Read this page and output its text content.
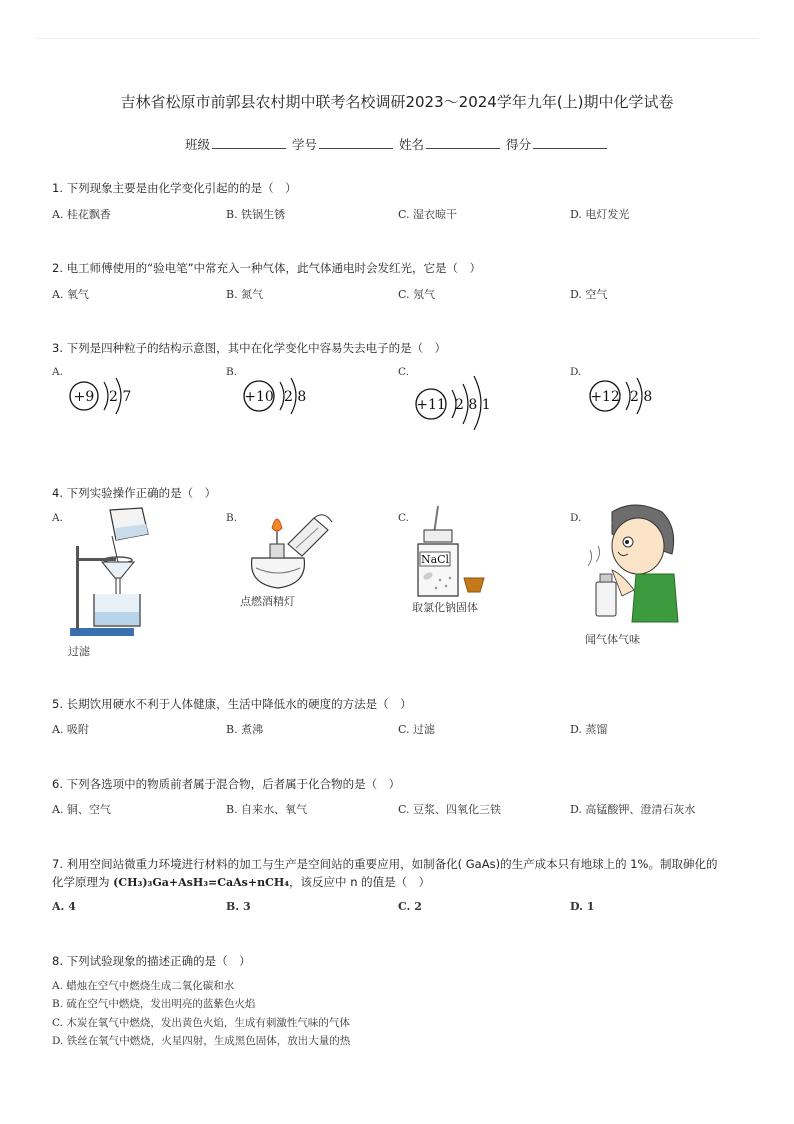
吉林省松原市前郭县农村期中联考名校调研2023～2024学年九年(上)期中化学试卷
班级	学号	姓名	得分
1. 下列现象主要是由化学变化引起的的是（　）
A. 桂花飘香	B. 铁锅生锈	C. 湿衣晾干	D. 电灯发光
2. 电工师傅使用的“验电笔”中常充入一种气体，此气体通电时会发红光，它是（　）
A. 氧气	B. 氮气	C. 氖气	D. 空气
3. 下列是四种粒子的结构示意图，其中在化学变化中容易失去电子的是（　）
A.	B.	C.	D.
+9 2 7	+10 2 8	+11 2 8 1	+12 2 8
4. 下列实验操作正确的是（　）
A.	B.	C.	D.
过滤
点燃酒精灯
NaCl
取氯化钠固体
闻气体气味
5. 长期饮用硬水不利于人体健康，生活中降低水的硬度的方法是（　）
A. 吸附	B. 煮沸	C. 过滤	D. 蒸馏
6. 下列各选项中的物质前者属于混合物，后者属于化合物的是（　）
A. 铜、空气	B. 自来水、氧气	C. 豆浆、四氧化三铁	D. 高锰酸钾、澄清石灰水
7. 利用空间站微重力环境进行材料的加工与生产是空间站的重要应用，如制备化( GaAs)的生产成本只有地球上的 1%。制取砷化的
化学原理为 (CH₃)₃Ga+AsH₃=CaAs+nCH₄，该反应中 n 的值是（　）
A. 4	B. 3	C. 2	D. 1
8. 下列试验现象的描述正确的是（　）
A. 蜡烛在空气中燃烧生成二氧化碳和水
B. 硫在空气中燃烧，发出明亮的蓝紫色火焰
C. 木炭在氧气中燃烧，发出黄色火焰，生成有刺激性气味的气体
D. 铁丝在氧气中燃烧，火星四射，生成黑色固体，放出大量的热
